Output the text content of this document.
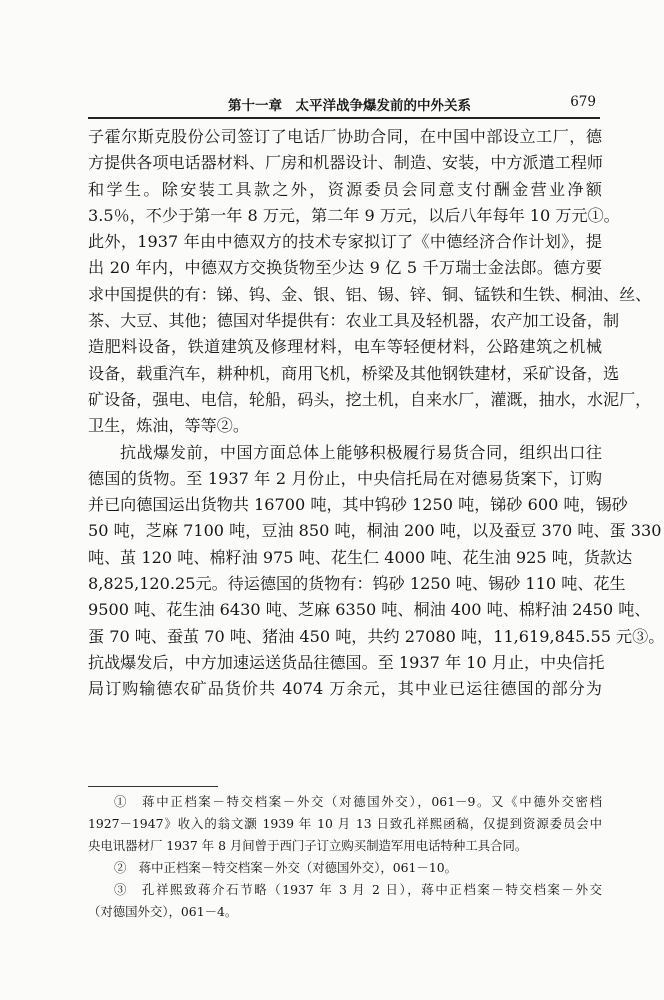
第十一章　太平洋战争爆发前的中外关系	679
子霍尔斯克股份公司签订了电话厂协助合同，在中国中部设立工厂，德
方提供各项电话器材料、厂房和机器设计、制造、安装，中方派遣工程师
和学生。除安装工具款之外，资源委员会同意支付酬金营业净额
3.5％，不少于第一年 8 万元，第二年 9 万元，以后八年每年 10 万元①。
此外，1937 年由中德双方的技术专家拟订了《中德经济合作计划》，提
出 20 年内，中德双方交换货物至少达 9 亿 5 千万瑞士金法郎。德方要
求中国提供的有：锑、钨、金、银、铝、锡、锌、铜、锰铁和生铁、桐油、丝、
茶、大豆、其他；德国对华提供有：农业工具及轻机器，农产加工设备，制
造肥料设备，铁道建筑及修理材料，电车等轻便材料，公路建筑之机械
设备，载重汽车，耕种机，商用飞机，桥梁及其他钢铁建材，采矿设备，选
矿设备，强电、电信，轮船，码头，挖土机，自来水厂，灌溉，抽水，水泥厂，
卫生，炼油，等等②。
抗战爆发前，中国方面总体上能够积极履行易货合同，组织出口往
德国的货物。至 1937 年 2 月份止，中央信托局在对德易货案下，订购
并已向德国运出货物共 16700 吨，其中钨砂 1250 吨，锑砂 600 吨，锡砂
50 吨，芝麻 7100 吨，豆油 850 吨，桐油 200 吨，以及蚕豆 370 吨、蛋 330
吨、茧 120 吨、棉籽油 975 吨、花生仁 4000 吨、花生油 925 吨，货款达
8,825,120.25元。待运德国的货物有：钨砂 1250 吨、锡砂 110 吨、花生
9500 吨、花生油 6430 吨、芝麻 6350 吨、桐油 400 吨、棉籽油 2450 吨、
蛋 70 吨、蚕茧 70 吨、猪油 450 吨，共约 27080 吨，11,619,845.55 元③。
抗战爆发后，中方加速运送货品往德国。至 1937 年 10 月止，中央信托
局订购输德农矿品货价共 4074 万余元，其中业已运往德国的部分为
①　蒋中正档案－特交档案－外交（对德国外交），061－9。又《中德外交密档
1927－1947》收入的翁文灏 1939 年 10 月 13 日致孔祥熙函稿，仅提到资源委员会中
央电讯器材厂 1937 年 8 月间曾于西门子订立购买制造军用电话特种工具合同。
②　蒋中正档案－特交档案－外交（对德国外交），061－10。
③　孔祥熙致蒋介石节略（1937 年 3 月 2 日），蒋中正档案－特交档案－外交
（对德国外交），061－4。
